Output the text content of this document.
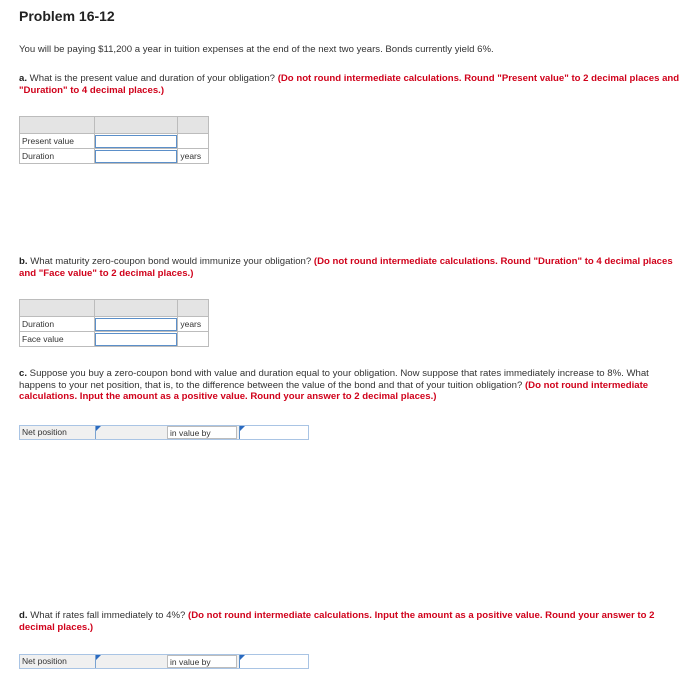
Problem 16-12
You will be paying $11,200 a year in tuition expenses at the end of the next two years. Bonds currently yield 6%.
a. What is the present value and duration of your obligation? (Do not round intermediate calculations. Round "Present value" to 2 decimal places and "Duration" to 4 decimal places.)

Present value		
Duration		years
b. What maturity zero-coupon bond would immunize your obligation? (Do not round intermediate calculations. Round "Duration" to 4 decimal places and "Face value" to 2 decimal places.)

Duration		years
Face value		
c. Suppose you buy a zero-coupon bond with value and duration equal to your obligation. Now suppose that rates immediately increase to 8%. What happens to your net position, that is, to the difference between the value of the bond and that of your tuition obligation? (Do not round intermediate calculations. Input the amount as a positive value. Round your answer to 2 decimal places.)
Net position	in value by
d. What if rates fall immediately to 4%? (Do not round intermediate calculations. Input the amount as a positive value. Round your answer to 2 decimal places.)
Net position	in value by
